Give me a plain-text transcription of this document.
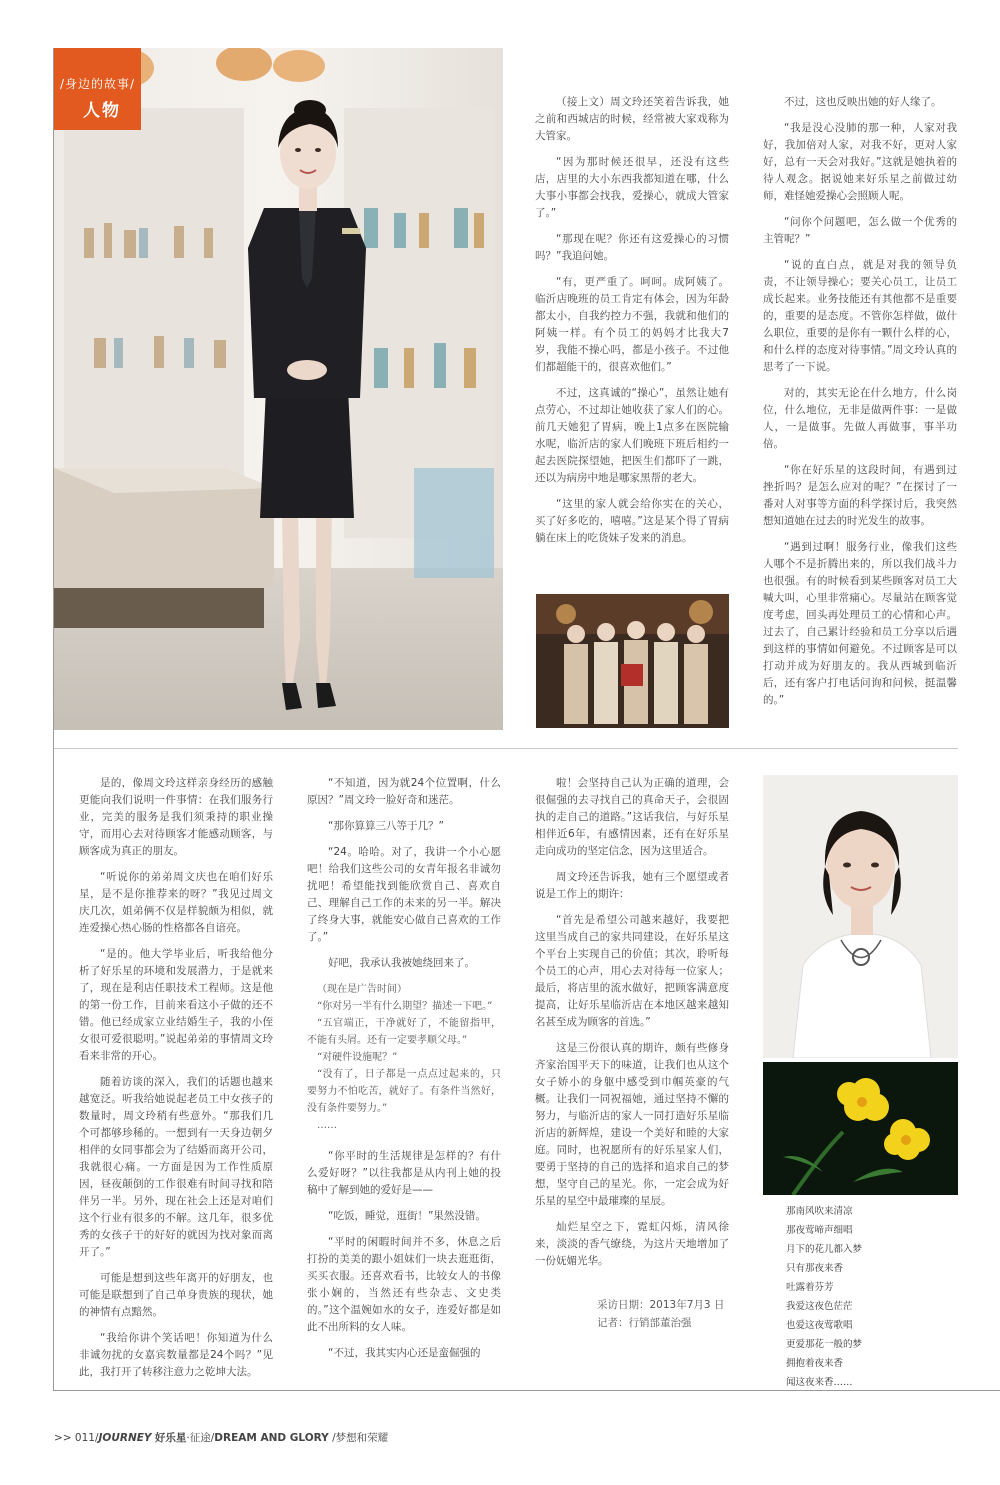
/身边的故事/
人物	（接上文）周文玲还笑着告诉我，她之前和西城店的时候，经常被大家戏称为大管家。

“因为那时候还很早，还没有这些店，店里的大小东西我都知道在哪，什么大事小事都会找我，爱操心，就成大管家了。”

“那现在呢？你还有这爱操心的习惯吗？”我追问她。

“有，更严重了。呵呵。成阿姨了。临沂店晚班的员工肯定有体会，因为年龄都太小，自我约控力不强，我就和他们的阿姨一样。有个员工的妈妈才比我大7岁，我能不操心吗，都是小孩子。不过他们都超能干的，很喜欢他们。”

不过，这真诚的“操心”，虽然让她有点劳心，不过却让她收获了家人们的心。前几天她犯了胃病，晚上1点多在医院输水呢，临沂店的家人们晚班下班后相约一起去医院探望她，把医生们都吓了一跳，还以为病房中地是哪家黑帮的老大。

“这里的家人就会给你实在的关心，买了好多吃的，嘻嘻。”这是某个得了胃病躺在床上的吃货妹子发来的消息。

不过，这也反映出她的好人缘了。

“我是没心没肺的那一种，人家对我好，我加倍对人家，对我不好，更对人家好，总有一天会对我好。”这就是她执着的待人观念。据说她来好乐星之前做过幼师，难怪她爱操心会照顾人呢。

“问你个问题吧，怎么做一个优秀的主管呢？”

“说的直白点，就是对我的领导负责，不让领导操心；要关心员工，让员工成长起来。业务技能还有其他都不是重要的，重要的是态度。不管你怎样做，做什么职位，重要的是你有一颗什么样的心，和什么样的态度对待事情。”周文玲认真的思考了一下说。

对的，其实无论在什么地方，什么岗位，什么地位，无非是做两件事：一是做人，一是做事。先做人再做事，事半功倍。

“你在好乐星的这段时间，有遇到过挫折吗？是怎么应对的呢？”在探讨了一番对人对事等方面的科学探讨后，我突然想知道她在过去的时光发生的故事。

“遇到过啊！服务行业，像我们这些人哪个不是折腾出来的，所以我们战斗力也很强。有的时候看到某些顾客对员工大喊大叫，心里非常痛心。尽量站在顾客觉度考虑，回头再处理员工的心情和心声。过去了，自己累计经验和员工分享以后遇到这样的事情如何避免。不过顾客是可以打动并成为好朋友的。我从西城到临沂后，还有客户打电话问询和问候，挺温馨的。”

是的，像周文玲这样亲身经历的感触更能向我们说明一件事情：在我们服务行业，完美的服务是我们须秉持的职业操守，而用心去对待顾客才能感动顾客，与顾客成为真正的朋友。

“听说你的弟弟周文庆也在咱们好乐星，是不是你推荐来的呀？”我见过周文庆几次，姐弟俩不仅是样貌颇为相似，就连爱操心热心肠的性格都各自谙亮。

“是的。他大学毕业后，听我给他分析了好乐星的环境和发展潜力，于是就来了，现在是利店任职技术工程师。这是他的第一份工作，目前来看这小子做的还不错。他已经成家立业结婚生子，我的小侄女很可爱很聪明。”说起弟弟的事情周文玲看来非常的开心。

随着访谈的深入，我们的话题也越来越宽泛。听我给她说起老员工中女孩子的数量时，周文玲稍有些意外。“那我们几个可都够珍稀的。一想到有一天身边朝夕相伴的女同事都会为了结婚而离开公司，我就很心痛。一方面是因为工作性质原因，昼夜颠倒的工作很难有时间寻找和陪伴另一半。另外，现在社会上还是对咱们这个行业有很多的不解。这几年，很多优秀的女孩子干的好好的就因为找对象而离开了。”

可能是想到这些年离开的好朋友，也可能是联想到了自己单身贵族的现状，她的神情有点黯然。

“我给你讲个笑话吧！你知道为什么非诚勿扰的女嘉宾数量都是24个吗？”见此，我打开了转移注意力之乾坤大法。

“不知道，因为就24个位置啊，什么原因？”周文玲一脸好奇和迷茫。

“那你算算三八等于几？”

“24。哈哈。对了，我讲一个小心愿吧！给我们这些公司的女青年报名非诚勿扰吧！希望能找到能欣赏自己、喜欢自己、理解自己工作的未来的另一半。解决了终身大事，就能安心做自己喜欢的工作了。”

好吧，我承认我被她绕回来了。

（现在是广告时间）

“你对另一半有什么期望？描述一下吧。”

“五官端正，干净就好了，不能留指甲，不能有头屑。还有一定要孝顺父母。”

“对硬件设施呢？”

“没有了，日子都是一点点过起来的，只要努力不怕吃苦，就好了。有条件当然好，没有条件要努力。”

……

“你平时的生活规律是怎样的？有什么爱好呀？”以往我都是从内刊上她的投稿中了解到她的爱好是——

“吃饭，睡觉，逛街！”果然没错。

“平时的闲暇时间并不多，休息之后打扮的美美的跟小姐妹们一块去逛逛街，买买衣服。还喜欢看书，比较女人的书像张小娴的，当然还有些杂志、文史类的。”这个温婉如水的女子，连爱好都是如此不出所料的女人味。

“不过，我其实内心还是蛮倔强的

啦！会坚持自己认为正确的道理，会很倔强的去寻找自己的真命天子，会很固执的走自己的道路。”这话我信，与好乐星相伴近6年，有感情因素，还有在好乐星走向成功的坚定信念，因为这里适合。

周文玲还告诉我，她有三个愿望或者说是工作上的期许：

“首先是希望公司越来越好，我要把这里当成自己的家共同建设，在好乐星这个平台上实现自己的价值；其次，聆听每个员工的心声，用心去对待每一位家人；最后，将店里的流水做好，把顾客满意度提高，让好乐星临沂店在本地区越来越知名甚至成为顾客的首选。”

这是三份很认真的期许，颇有些修身齐家治国平天下的味道，让我们也从这个女子娇小的身躯中感受到巾帼英豪的气概。让我们一同祝福她，通过坚持不懈的努力，与临沂店的家人一同打造好乐星临沂店的新辉煌，建设一个美好和睦的大家庭。同时，也祝愿所有的好乐星家人们，要勇于坚持的自己的选择和追求自己的梦想，坚守自己的星光。你，一定会成为好乐星的星空中最璀璨的星辰。

灿烂星空之下，霓虹闪烁，清风徐来，淡淡的香气缭绕，为这片天地增加了一份妩媚光华。

采访日期：2013年7月3 日
记者：行销部董治强
那南风吹来清凉
那夜莺啼声细唱
月下的花儿都入梦
只有那夜来香
吐露着芬芳
我爱这夜色茫茫
也爱这夜莺歌唱
更爱那花一般的梦
拥抱着夜来香
闻这夜来香……
>> 011/JOURNEY 好乐星·征途/DREAM AND GLORY /梦想和荣耀
